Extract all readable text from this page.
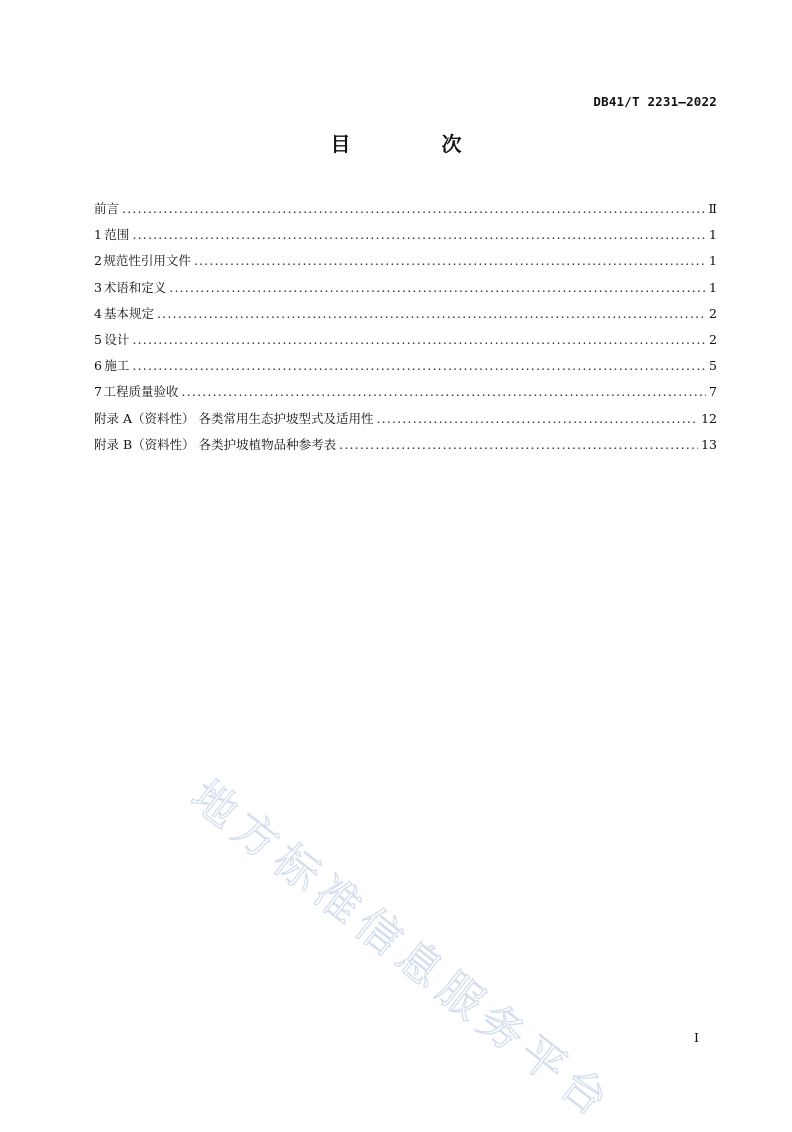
DB41/T 2231—2022
目 次
前言 .....	Ⅱ
1 范围 .....	1
2 规范性引用文件 .....	1
3 术语和定义 .....	1
4 基本规定 .....	2
5 设计 .....	2
6 施工 .....	5
7 工程质量验收 .....	7
附录 A（资料性） 各类常用生态护坡型式及适用性 .....	12
附录 B（资料性） 各类护坡植物品种参考表 .....	13
地方标准信息服务平台	I
